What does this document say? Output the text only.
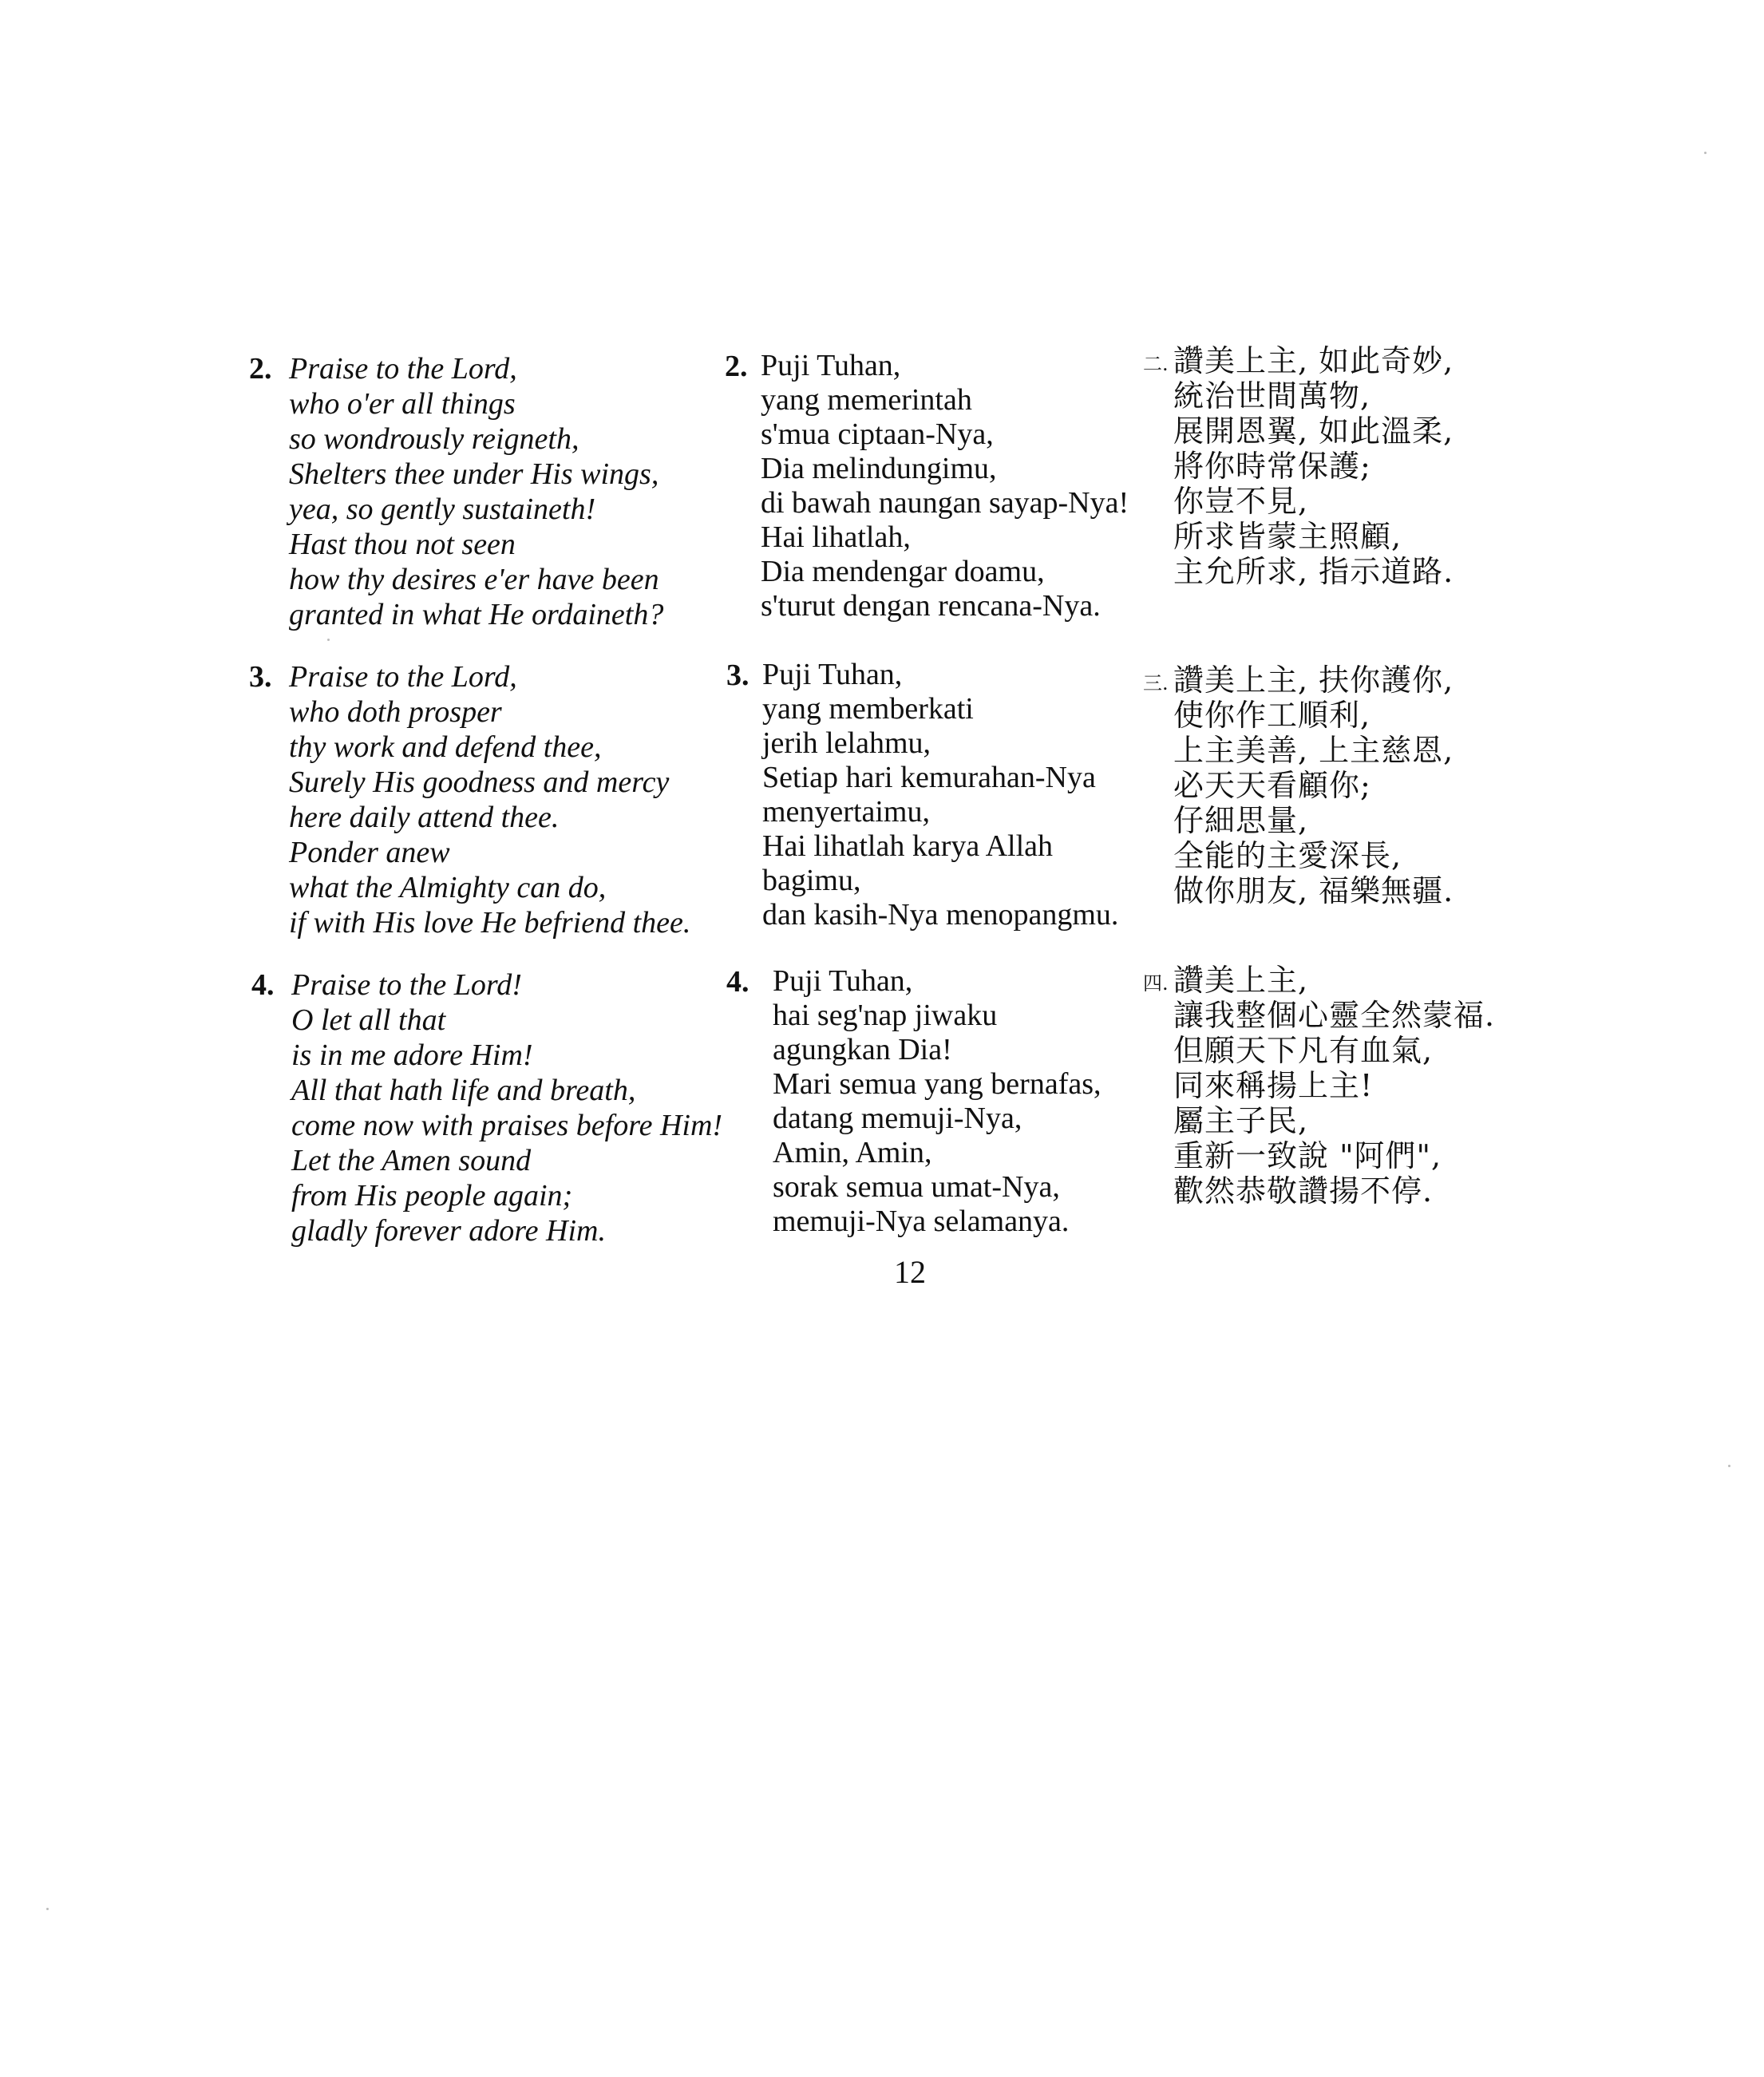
2. Praise to the Lord,
who o'er all things
so wondrously reigneth,
Shelters thee under His wings,
yea, so gently sustaineth!
Hast thou not seen
how thy desires e'er have been
granted in what He ordaineth?
2. Puji Tuhan,
yang memerintah
s'mua ciptaan-Nya,
Dia melindungimu,
di bawah naungan sayap-Nya!
Hai lihatlah,
Dia mendengar doamu,
s'turut dengan rencana-Nya.
二. 讚美上主, 如此奇妙,
統治世間萬物,
展開恩翼, 如此溫柔,
將你時常保護;
你豈不見,
所求皆蒙主照顧,
主允所求, 指示道路.
3. Praise to the Lord,
who doth prosper
thy work and defend thee,
Surely His goodness and mercy
here daily attend thee.
Ponder anew
what the Almighty can do,
if with His love He befriend thee.
3. Puji Tuhan,
yang memberkati
jerih lelahmu,
Setiap hari kemurahan-Nya
menyertaimu,
Hai lihatlah karya Allah
bagimu,
dan kasih-Nya menopangmu.
三. 讚美上主, 扶你護你,
使你作工順利,
上主美善, 上主慈恩,
必天天看顧你;
仔細思量,
全能的主愛深長,
做你朋友, 福樂無疆.
4. Praise to the Lord!
O let all that
is in me adore Him!
All that hath life and breath,
come now with praises before Him!
Let the Amen sound
from His people again;
gladly forever adore Him.
4. Puji Tuhan,
hai seg'nap jiwaku
agungkan Dia!
Mari semua yang bernafas,
datang memuji-Nya,
Amin, Amin,
sorak semua umat-Nya,
memuji-Nya selamanya.
四. 讚美上主,
讓我整個心靈全然蒙福.
但願天下凡有血氣,
同來稱揚上主!
屬主子民,
重新一致說 "阿們",
歡然恭敬讚揚不停.
12
